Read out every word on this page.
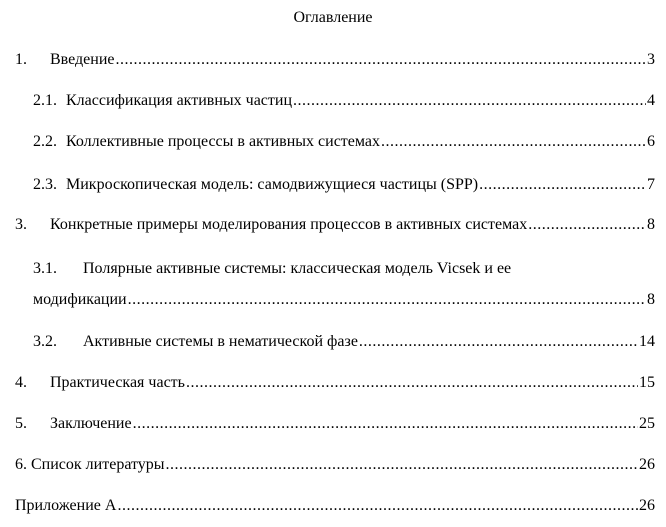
Оглавление
1.	Введение .....	3
2.1. Классификация активных частиц .....	4
2.2. Коллективные процессы в активных системах .....	6
2.3. Микроскопическая модель: самодвижущиеся частицы (SPP) .....	7
3.	Конкретные примеры моделирования процессов в активных системах .....	8
3.1. Полярные активные системы: классическая модель Vicsek и ее
модификации .....	8
3.2.	Активные системы в нематической фазе .....	14
4.	Практическая часть .....	15
5.	Заключение .....	25
6. Список литературы .....	26
Приложение А .....	26
